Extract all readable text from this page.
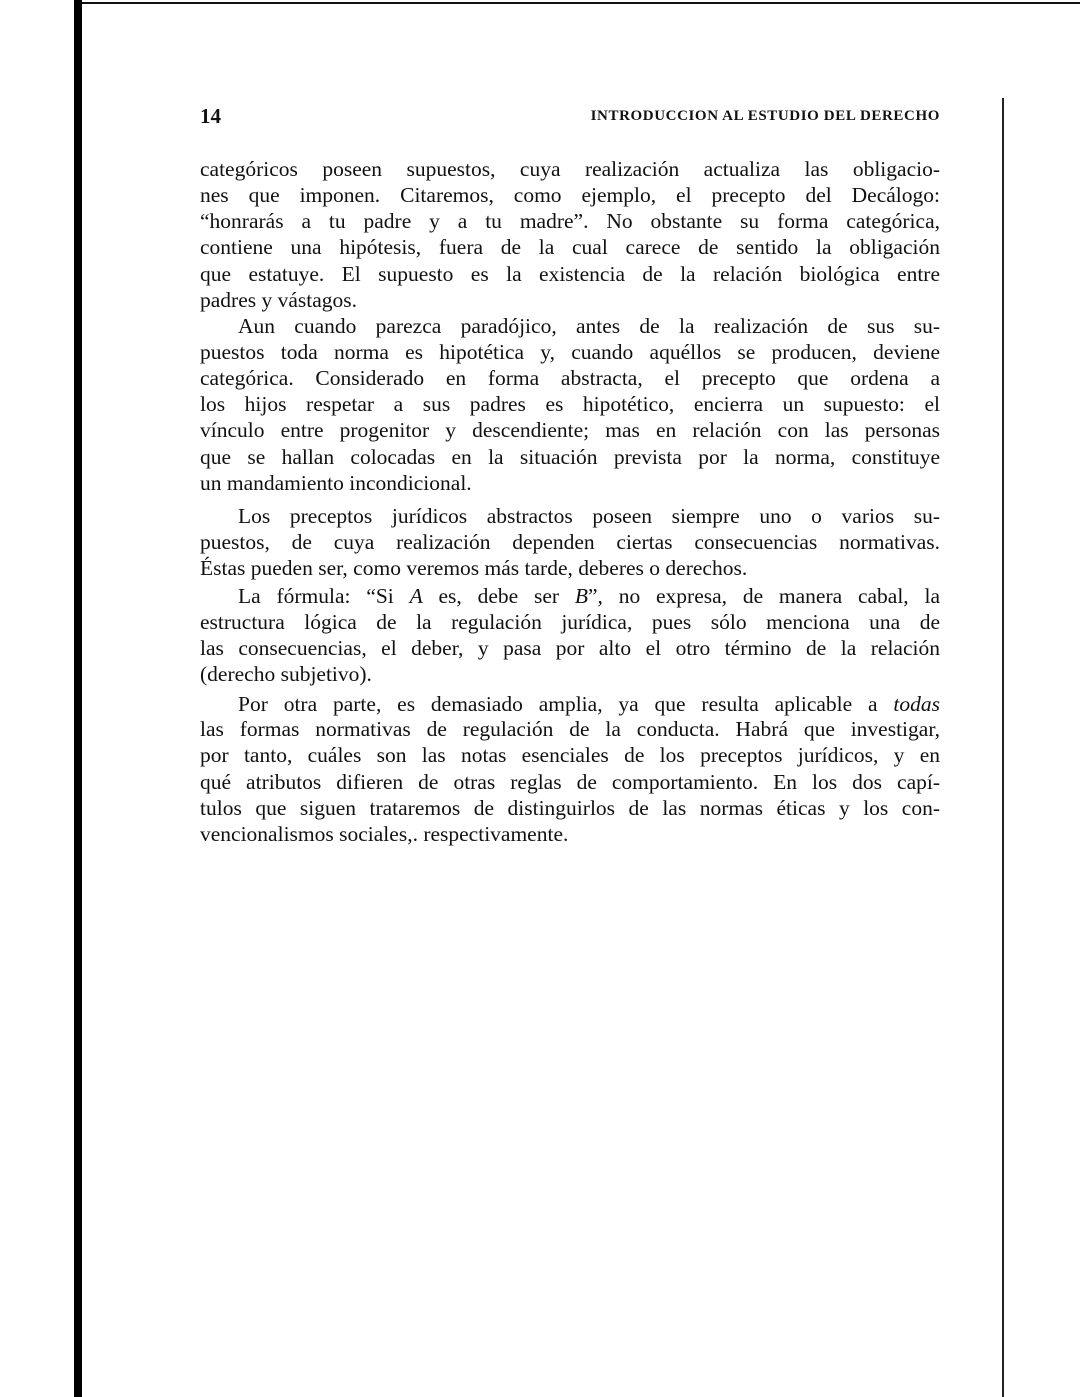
14	INTRODUCCION AL ESTUDIO DEL DERECHO
categóricos poseen supuestos, cuya realización actualiza las obligacio-
nes que imponen. Citaremos, como ejemplo, el precepto del Decálogo:
“honrarás a tu padre y a tu madre”. No obstante su forma categórica,
contiene una hipótesis, fuera de la cual carece de sentido la obligación
que estatuye. El supuesto es la existencia de la relación biológica entre
padres y vástagos.
Aun cuando parezca paradójico, antes de la realización de sus su-
puestos toda norma es hipotética y, cuando aquéllos se producen, deviene
categórica. Considerado en forma abstracta, el precepto que ordena a
los hijos respetar a sus padres es hipotético, encierra un supuesto: el
vínculo entre progenitor y descendiente; mas en relación con las personas
que se hallan colocadas en la situación prevista por la norma, constituye
un mandamiento incondicional.
Los preceptos jurídicos abstractos poseen siempre uno o varios su-
puestos, de cuya realización dependen ciertas consecuencias normativas.
Éstas pueden ser, como veremos más tarde, deberes o derechos.
La fórmula: “Si A es, debe ser B”, no expresa, de manera cabal, la
estructura lógica de la regulación jurídica, pues sólo menciona una de
las consecuencias, el deber, y pasa por alto el otro término de la relación
(derecho subjetivo).
Por otra parte, es demasiado amplia, ya que resulta aplicable a todas
las formas normativas de regulación de la conducta. Habrá que investigar,
por tanto, cuáles son las notas esenciales de los preceptos jurídicos, y en
qué atributos difieren de otras reglas de comportamiento. En los dos capí-
tulos que siguen trataremos de distinguirlos de las normas éticas y los con-
vencionalismos sociales,. respectivamente.
